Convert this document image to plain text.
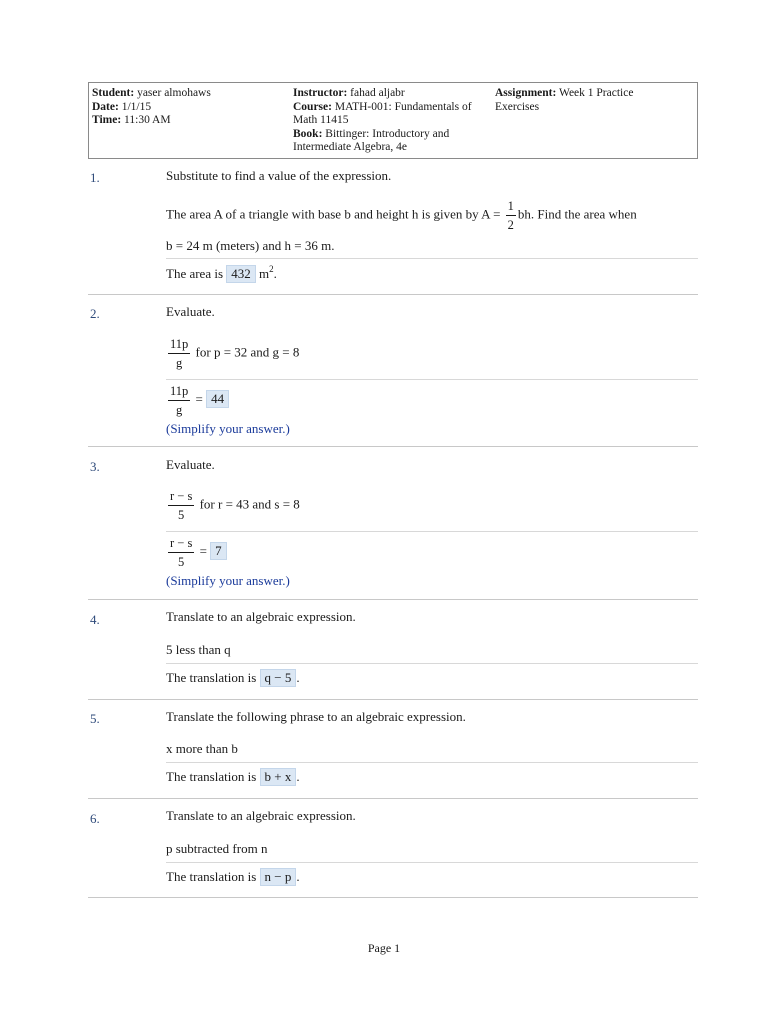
Student: yaser almohaws
Date: 1/1/15
Time: 11:30 AM
Instructor: fahad aljabr
Course: MATH-001: Fundamentals of
Math 11415
Book: Bittinger: Introductory and
Intermediate Algebra, 4e
Assignment: Week 1 Practice
Exercises
1.	Substitute to find a value of the expression.
The area A of a triangle with base b and height h is given by $A = \frac{1}{2}$ bh. Find the area when
b = 24 m (meters) and h = 36 m.
The area is 432 $m^2$.
2.	Evaluate.
$\frac{11p}{g}$ for p = 32 and g = 8
$\frac{11p}{g} = 44$
(Simplify your answer.)
3.	Evaluate.
$\frac{r - s}{5}$ for r = 43 and s = 8
$\frac{r - s}{5} = 7$
(Simplify your answer.)
4.	Translate to an algebraic expression.
5 less than q
The translation is q − 5 .
5.	Translate the following phrase to an algebraic expression.
x more than b
The translation is b + x .
6.	Translate to an algebraic expression.
p subtracted from n
The translation is n − p .
Page 1
